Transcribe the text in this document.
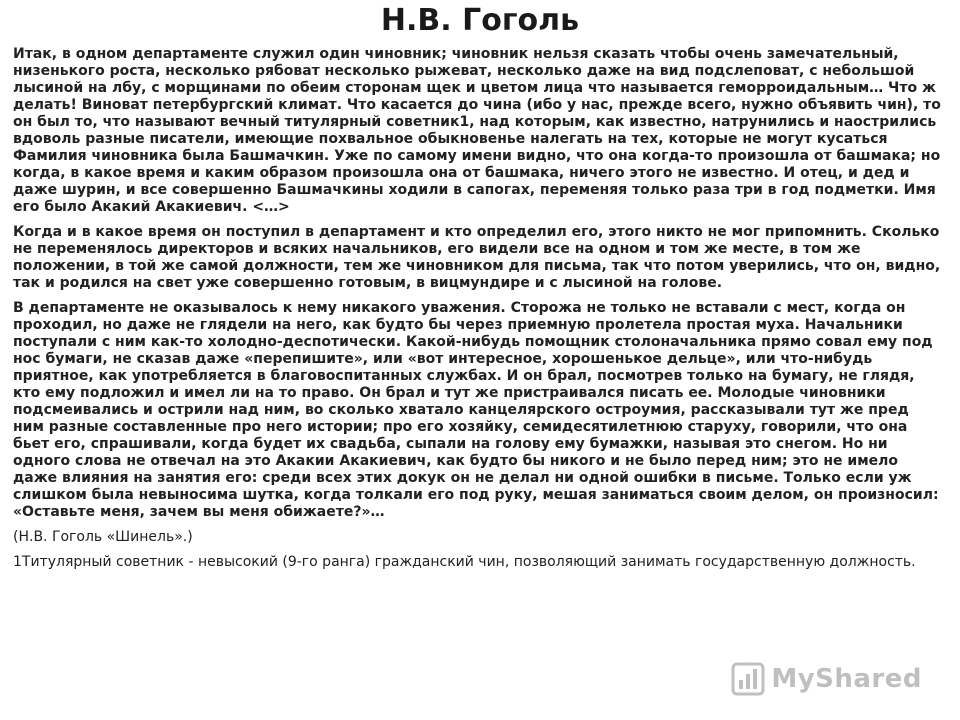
Н.В. Гоголь

Итак, в одном департаменте служил один чиновник; чиновник нельзя сказать чтобы очень замечательный, низенького роста, несколько рябоват несколько рыжеват, несколько даже на вид подслеповат, с небольшой лысиной на лбу, с морщинами по обеим сторонам щек и цветом лица что называется геморроидальным… Что ж делать! Виноват петербургский климат. Что касается до чина (ибо у нас, прежде всего, нужно объявить чин), то он был то, что называют вечный титулярный советник1, над которым, как известно, натрунились и наострились вдоволь разные писатели, имеющие похвальное обыкновенье налегать на тех, которые не могут кусаться Фамилия чиновника была Башмачкин. Уже по самому имени видно, что она когда-то произошла от башмака; но когда, в какое время и каким образом произошла она от башмака, ничего этого не известно. И отец, и дед и даже шурин, и все совершенно Башмачкины ходили в сапогах, переменяя только раза три в год подметки. Имя его было Акакий Акакиевич. <…>

Когда и в какое время он поступил в департамент и кто определил его, этого никто не мог припомнить. Сколько не переменялось директоров и всяких начальников, его видели все на одном и том же месте, в том же положении, в той же самой должности, тем же чиновником для письма, так что потом уверились, что он, видно, так и родился на свет уже совершенно готовым, в вицмундире и с лысиной на голове.

В департаменте не оказывалось к нему никакого уважения. Сторожа не только не вставали с мест, когда он проходил, но даже не глядели на него, как будто бы через приемную пролетела простая муха. Начальники поступали с ним как-то холодно-деспотически. Какой-нибудь помощник столоначальника прямо совал ему под нос бумаги, не сказав даже «перепишите», или «вот интересное, хорошенькое дельце», или что-нибудь приятное, как употребляется в благовоспитанных службах. И он брал, посмотрев только на бумагу, не глядя, кто ему подложил и имел ли на то право. Он брал и тут же пристраивался писать ее. Молодые чиновники подсмеивались и острили над ним, во сколько хватало канцелярского остроумия, рассказывали тут же пред ним разные составленные про него истории; про его хозяйку, семидесятилетнюю старуху, говорили, что она бьет его, спрашивали, когда будет их свадьба, сыпали на голову ему бумажки, называя это снегом. Но ни одного слова не отвечал на это Акакии Акакиевич, как будто бы никого и не было перед ним; это не имело даже влияния на занятия его: среди всех этих докук он не делал ни одной ошибки в письме. Только если уж слишком была невыносима шутка, когда толкали его под руку, мешая заниматься своим делом, он произносил: «Оставьте меня, зачем вы меня обижаете?»…

(Н.В. Гоголь «Шинель».)

1Титулярный советник - невысокий (9-го ранга) гражданский чин, позволяющий занимать государственную должность.

MyShared
